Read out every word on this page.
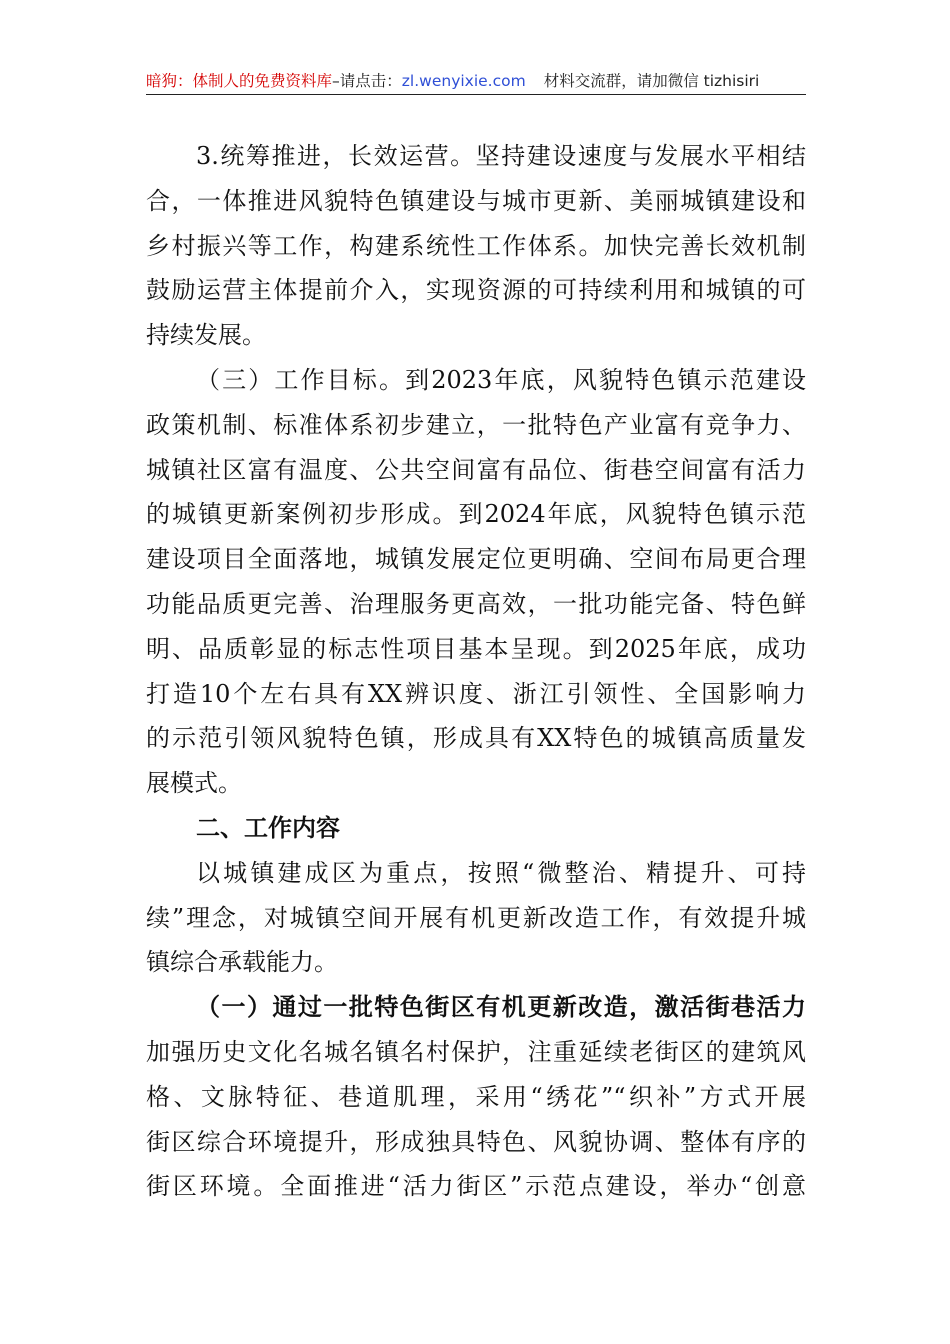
暗狗：体制人的免费资料库–请点击：zl.wenyixie.com 材料交流群，请加微信 tizhisiri
3.统筹推进，长效运营。坚持建设速度与发展水平相结
合，一体推进风貌特色镇建设与城市更新、美丽城镇建设和
乡村振兴等工作，构建系统性工作体系。加快完善长效机制
鼓励运营主体提前介入，实现资源的可持续利用和城镇的可
持续发展。
（三）工作目标。到2023年底，风貌特色镇示范建设
政策机制、标准体系初步建立，一批特色产业富有竞争力、
城镇社区富有温度、公共空间富有品位、街巷空间富有活力
的城镇更新案例初步形成。到2024年底，风貌特色镇示范
建设项目全面落地，城镇发展定位更明确、空间布局更合理
功能品质更完善、治理服务更高效，一批功能完备、特色鲜
明、品质彰显的标志性项目基本呈现。到2025年底，成功
打造10个左右具有XX辨识度、浙江引领性、全国影响力
的示范引领风貌特色镇，形成具有XX特色的城镇高质量发
展模式。
二、工作内容
以城镇建成区为重点，按照“微整治、精提升、可持
续”理念，对城镇空间开展有机更新改造工作，有效提升城
镇综合承载能力。
（一）通过一批特色街区有机更新改造，激活街巷活力
加强历史文化名城名镇名村保护，注重延续老街区的建筑风
格、文脉特征、巷道肌理，采用“绣花”“织补”方式开展
街区综合环境提升，形成独具特色、风貌协调、整体有序的
街区环境。全面推进“活力街区”示范点建设，举办“创意
